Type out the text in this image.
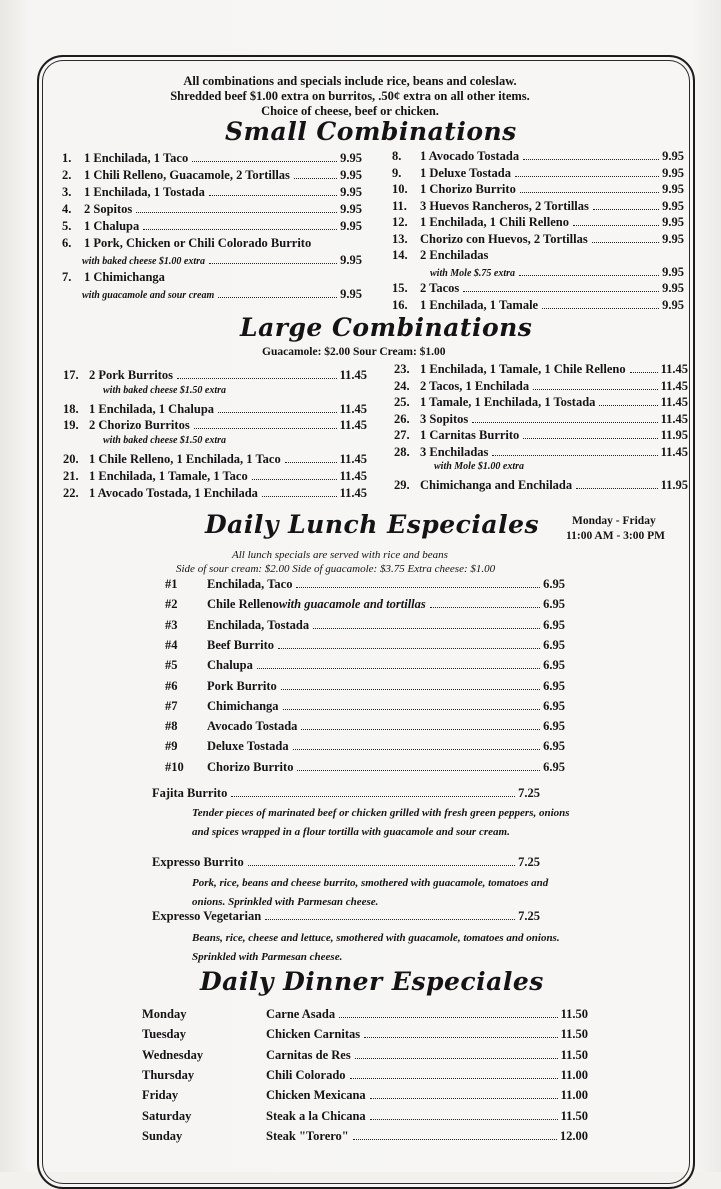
All combinations and specials include rice, beans and coleslaw.
Shredded beef $1.00 extra on burritos, .50¢ extra on all other items.
Choice of cheese, beef or chicken.
Small Combinations
1.	1 Enchilada, 1 Taco	9.95
2.	1 Chili Relleno, Guacamole, 2 Tortillas	9.95
3.	1 Enchilada, 1 Tostada	9.95
4.	2 Sopitos	9.95
5.	1 Chalupa	9.95
6.	1 Pork, Chicken or Chili Colorado Burrito
with baked cheese $1.00 extra	9.95
7.	1 Chimichanga
with guacamole and sour cream	9.95
8.	1 Avocado Tostada	9.95
9.	1 Deluxe Tostada	9.95
10. 1 Chorizo Burrito	9.95
11.	3 Huevos Rancheros, 2 Tortillas	9.95
12. 1 Enchilada, 1 Chili Relleno	9.95
13. Chorizo con Huevos, 2 Tortillas	9.95
14. 2 Enchiladas
with Mole $.75 extra	9.95
15. 2 Tacos	9.95
16. 1 Enchilada, 1 Tamale	9.95
Large Combinations
Guacamole: $2.00 Sour Cream: $1.00
17. 2 Pork Burritos	11.45
with baked cheese $1.50 extra
18. 1 Enchilada, 1 Chalupa	11.45
19. 2 Chorizo Burritos	11.45
with baked cheese $1.50 extra
20. 1 Chile Relleno, 1 Enchilada, 1 Taco	11.45
21. 1 Enchilada, 1 Tamale, 1 Taco	11.45
22. 1 Avocado Tostada, 1 Enchilada	11.45
23. 1 Enchilada, 1 Tamale, 1 Chile Relleno	11.45
24. 2 Tacos, 1 Enchilada	11.45
25. 1 Tamale, 1 Enchilada, 1 Tostada	11.45
26. 3 Sopitos	11.45
27. 1 Carnitas Burrito	11.95
28. 3 Enchiladas	11.45
with Mole $1.00 extra
29. Chimichanga and Enchilada	11.95
Daily Lunch Especiales	Monday - Friday
11:00 AM - 3:00 PM
All lunch specials are served with rice and beans
Side of sour cream: $2.00 Side of guacamole: $3.75 Extra cheese: $1.00
#1	Enchilada, Taco	6.95
#2	Chile Relleno with guacamole and tortillas	6.95
#3	Enchilada, Tostada	6.95
#4	Beef Burrito	6.95
#5	Chalupa	6.95
#6	Pork Burrito	6.95
#7	Chimichanga	6.95
#8	Avocado Tostada	6.95
#9	Deluxe Tostada	6.95
#10	Chorizo Burrito	6.95
Fajita Burrito	7.25
Tender pieces of marinated beef or chicken grilled with fresh green peppers, onions and spices wrapped in a flour tortilla with guacamole and sour cream.
Expresso Burrito	7.25
Pork, rice, beans and cheese burrito, smothered with guacamole, tomatoes and onions. Sprinkled with Parmesan cheese.
Expresso Vegetarian	7.25
Beans, rice, cheese and lettuce, smothered with guacamole, tomatoes and onions. Sprinkled with Parmesan cheese.
Daily Dinner Especiales
Monday	Carne Asada	11.50
Tuesday	Chicken Carnitas	11.50
Wednesday	Carnitas de Res	11.50
Thursday	Chili Colorado	11.00
Friday	Chicken Mexicana	11.00
Saturday	Steak a la Chicana	11.50
Sunday	Steak "Torero"	12.00
